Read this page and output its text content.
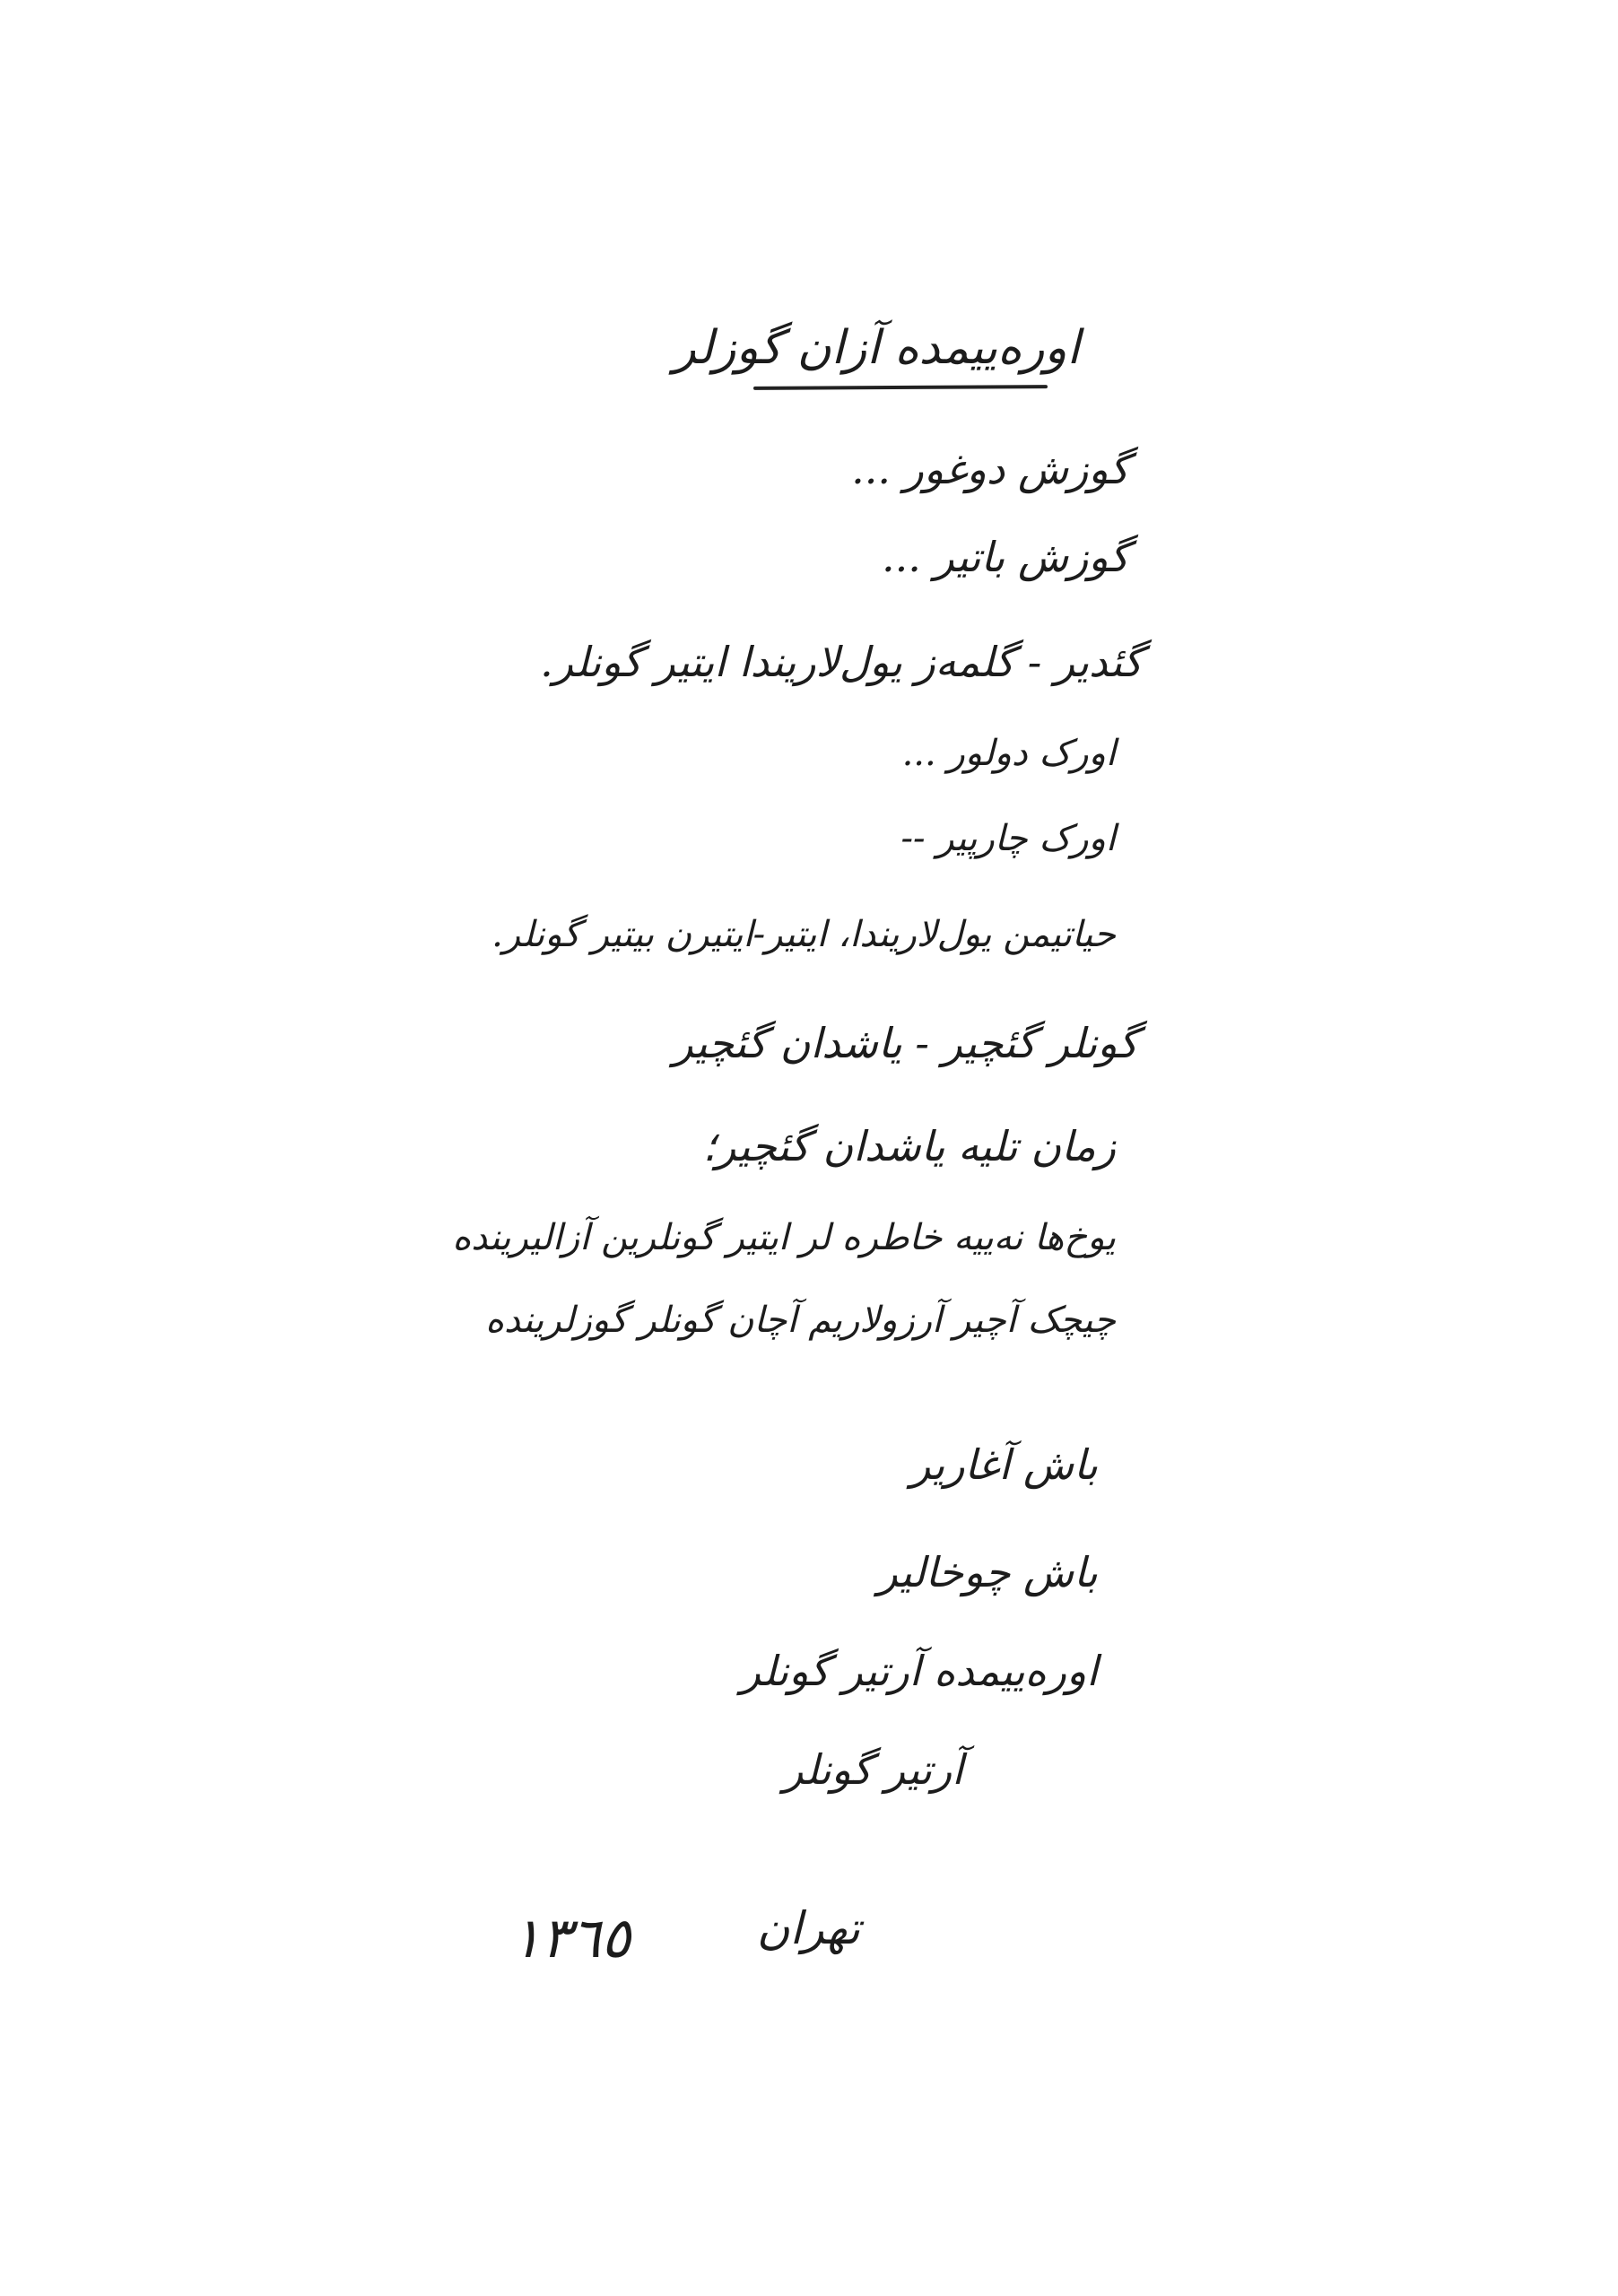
اوره‌ییمده آزان گوزلر
گوزش دوغور ...
گوزش باتیر ...
گئدیر - گلمه‌ز یول‌لاریندا ایتیر گونلر.
اورک دولور ...
اورک چارپیر --
حیاتیمن یول‌لاریندا، ایتیر-ایتیرن بیتیر گونلر.
گونلر گئچیر - یاشدان گئچیر
زمان تلیه یاشدان گئچیر؛
یوخ‌ها نه‌ییه خاطره لر ایتیر گونلرین آزالیرینده
چیچک آچیر آرزولاریم آچان گونلر گوزلرینده
باش آغاریر
باش چوخالیر
اوره‌ییمده آرتیر گونلر
آرتیر گونلر
تهران
١٣٦٥
